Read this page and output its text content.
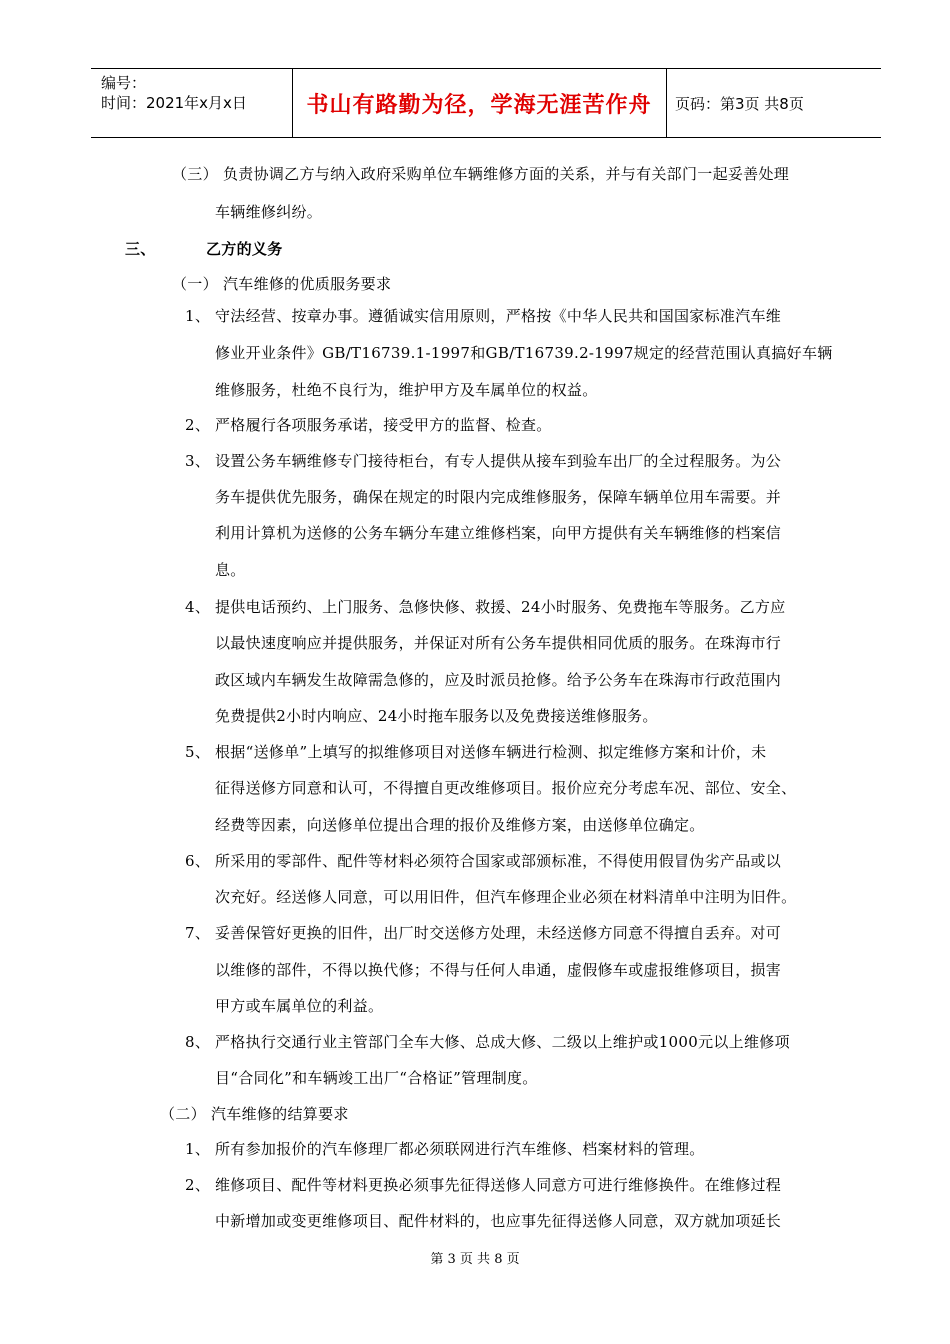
编号：
时间：2021年x月x日	书山有路勤为径，学海无涯苦作舟	页码：第3页 共8页
（三） 负责协调乙方与纳入政府采购单位车辆维修方面的关系，并与有关部门一起妥善处理
车辆维修纠纷。
三、	乙方的义务
（一） 汽车维修的优质服务要求
1、 守法经营、按章办事。遵循诚实信用原则，严格按《中华人民共和国国家标准汽车维
修业开业条件》GB/T16739.1-1997和GB/T16739.2-1997规定的经营范围认真搞好车辆
维修服务，杜绝不良行为，维护甲方及车属单位的权益。
2、 严格履行各项服务承诺，接受甲方的监督、检查。
3、 设置公务车辆维修专门接待柜台，有专人提供从接车到验车出厂的全过程服务。为公
务车提供优先服务，确保在规定的时限内完成维修服务，保障车辆单位用车需要。并
利用计算机为送修的公务车辆分车建立维修档案，向甲方提供有关车辆维修的档案信
息。
4、 提供电话预约、上门服务、急修快修、救援、24小时服务、免费拖车等服务。乙方应
以最快速度响应并提供服务，并保证对所有公务车提供相同优质的服务。在珠海市行
政区域内车辆发生故障需急修的，应及时派员抢修。给予公务车在珠海市行政范围内
免费提供2小时内响应、24小时拖车服务以及免费接送维修服务。
5、 根据“送修单”上填写的拟维修项目对送修车辆进行检测、拟定维修方案和计价，未
征得送修方同意和认可，不得擅自更改维修项目。报价应充分考虑车况、部位、安全、
经费等因素，向送修单位提出合理的报价及维修方案，由送修单位确定。
6、 所采用的零部件、配件等材料必须符合国家或部颁标准，不得使用假冒伪劣产品或以
次充好。经送修人同意，可以用旧件，但汽车修理企业必须在材料清单中注明为旧件。
7、 妥善保管好更换的旧件，出厂时交送修方处理，未经送修方同意不得擅自丢弃。对可
以维修的部件，不得以换代修；不得与任何人串通，虚假修车或虚报维修项目，损害
甲方或车属单位的利益。
8、 严格执行交通行业主管部门全车大修、总成大修、二级以上维护或1000元以上维修项
目“合同化”和车辆竣工出厂“合格证”管理制度。
（二） 汽车维修的结算要求
1、 所有参加报价的汽车修理厂都必须联网进行汽车维修、档案材料的管理。
2、 维修项目、配件等材料更换必须事先征得送修人同意方可进行维修换件。在维修过程
中新增加或变更维修项目、配件材料的，也应事先征得送修人同意，双方就加项延长
第 3 页 共 8 页
